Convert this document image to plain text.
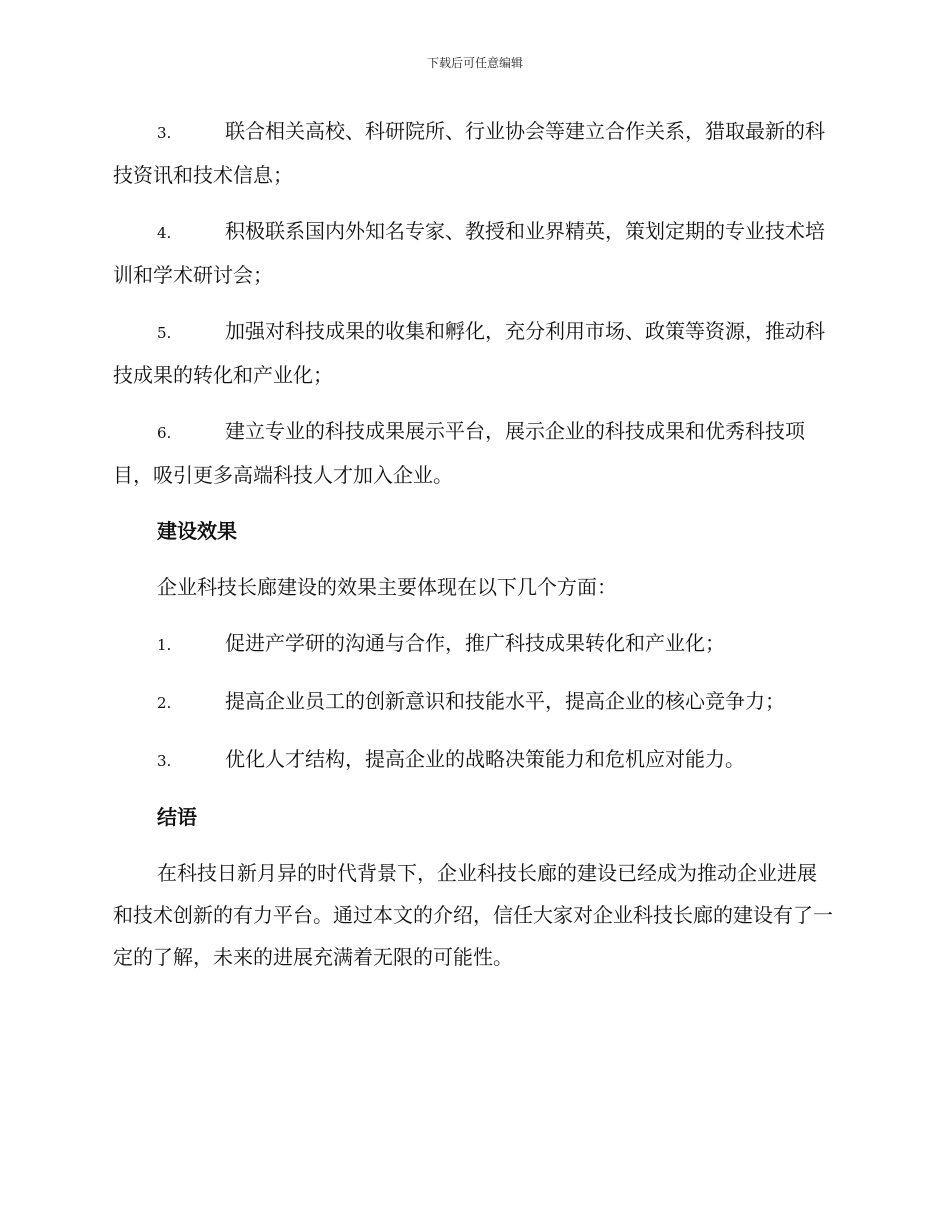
下载后可任意编辑
3.	联合相关高校、科研院所、行业协会等建立合作关系，猎取最新的科技资讯和技术信息；
4.	积极联系国内外知名专家、教授和业界精英，策划定期的专业技术培训和学术研讨会；
5.	加强对科技成果的收集和孵化，充分利用市场、政策等资源，推动科技成果的转化和产业化；
6.	建立专业的科技成果展示平台，展示企业的科技成果和优秀科技项目，吸引更多高端科技人才加入企业。
建设效果
企业科技长廊建设的效果主要体现在以下几个方面：
1.	促进产学研的沟通与合作，推广科技成果转化和产业化；
2.	提高企业员工的创新意识和技能水平，提高企业的核心竞争力；
3.	优化人才结构，提高企业的战略决策能力和危机应对能力。
结语
在科技日新月异的时代背景下，企业科技长廊的建设已经成为推动企业进展和技术创新的有力平台。通过本文的介绍，信任大家对企业科技长廊的建设有了一定的了解，未来的进展充满着无限的可能性。
